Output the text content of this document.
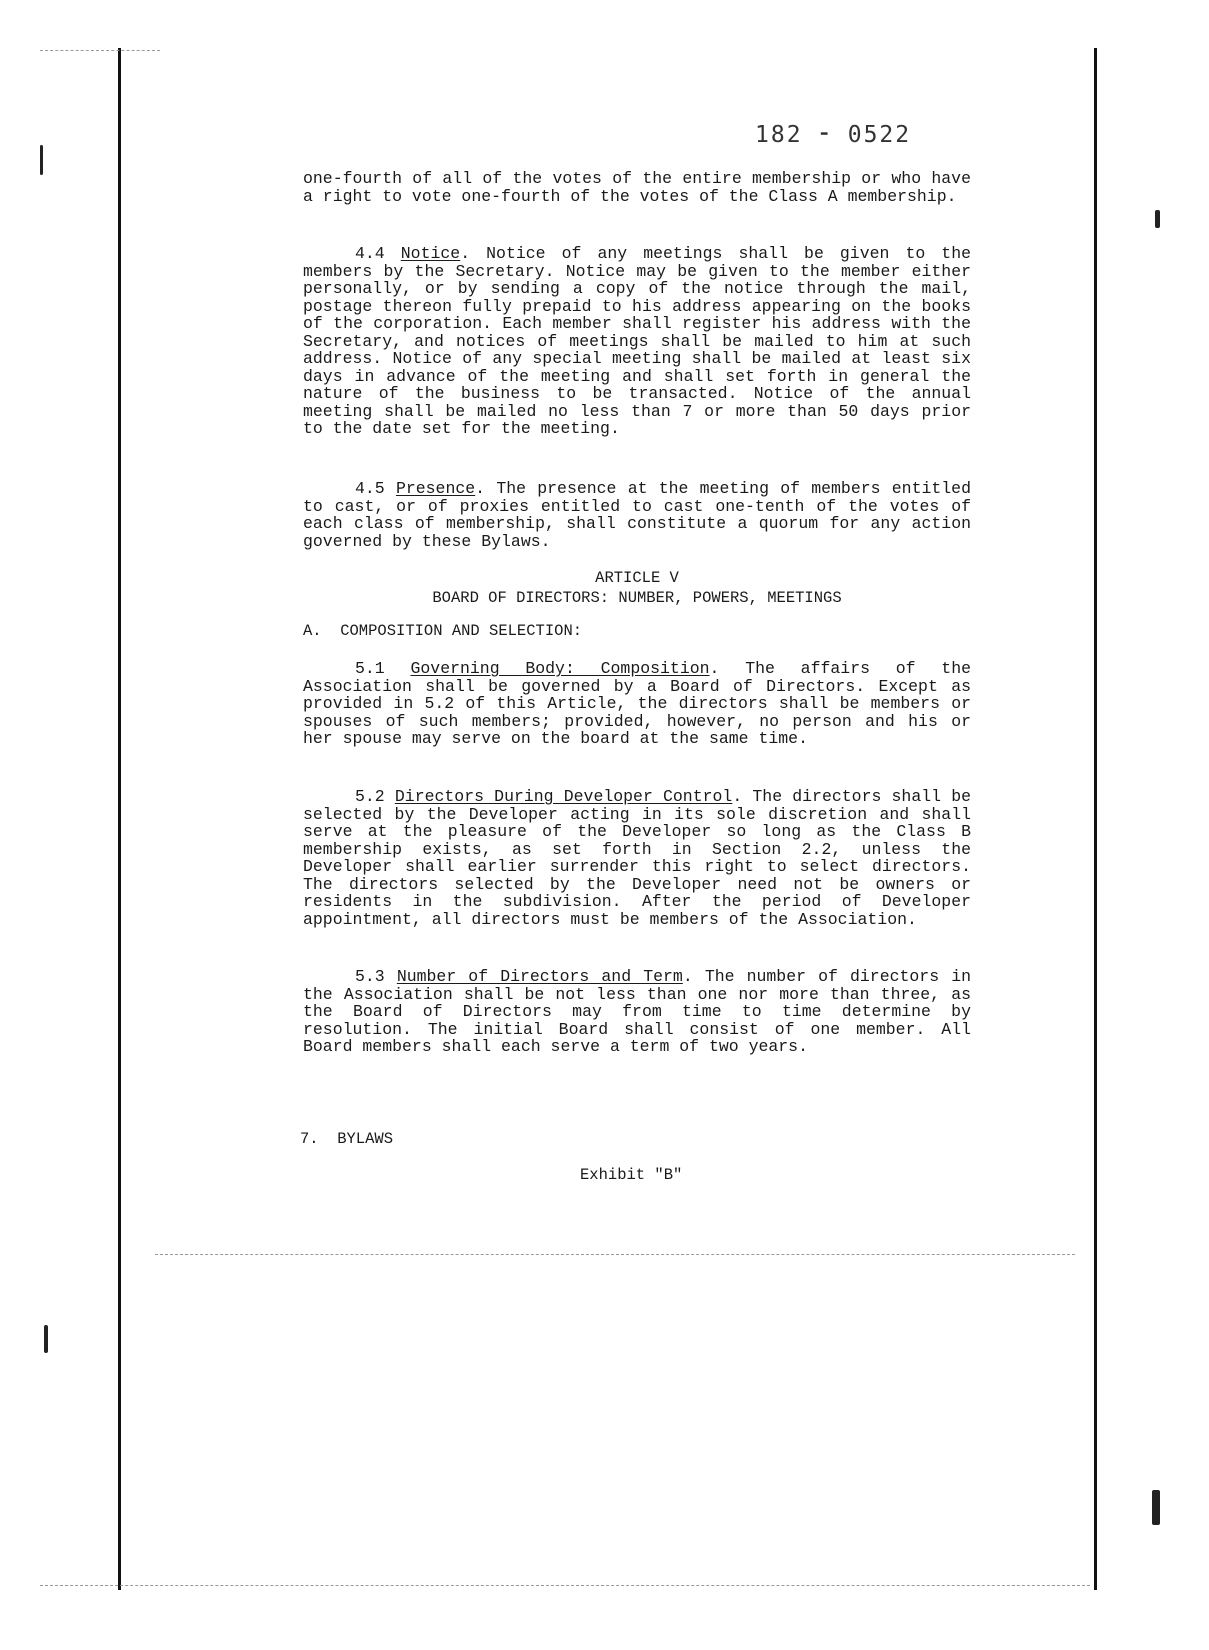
182 ⁃ 0522
one-fourth of all of the votes of the entire membership or who have a right to vote one-fourth of the votes of the Class A membership.
4.4 Notice. Notice of any meetings shall be given to the members by the Secretary. Notice may be given to the member either personally, or by sending a copy of the notice through the mail, postage thereon fully prepaid to his address appearing on the books of the corporation. Each member shall register his address with the Secretary, and notices of meetings shall be mailed to him at such address. Notice of any special meeting shall be mailed at least six days in advance of the meeting and shall set forth in general the nature of the business to be transacted. Notice of the annual meeting shall be mailed no less than 7 or more than 50 days prior to the date set for the meeting.
4.5 Presence. The presence at the meeting of members entitled to cast, or of proxies entitled to cast one-tenth of the votes of each class of membership, shall constitute a quorum for any action governed by these Bylaws.
ARTICLE V
BOARD OF DIRECTORS: NUMBER, POWERS, MEETINGS
A.  COMPOSITION AND SELECTION:
5.1 Governing Body: Composition. The affairs of the Association shall be governed by a Board of Directors. Except as provided in 5.2 of this Article, the directors shall be members or spouses of such members; provided, however, no person and his or her spouse may serve on the board at the same time.
5.2 Directors During Developer Control. The directors shall be selected by the Developer acting in its sole discretion and shall serve at the pleasure of the Developer so long as the Class B membership exists, as set forth in Section 2.2, unless the Developer shall earlier surrender this right to select directors. The directors selected by the Developer need not be owners or residents in the subdivision. After the period of Developer appointment, all directors must be members of the Association.
5.3 Number of Directors and Term. The number of directors in the Association shall be not less than one nor more than three, as the Board of Directors may from time to time determine by resolution. The initial Board shall consist of one member. All Board members shall each serve a term of two years.
7.  BYLAWS
Exhibit "B"
